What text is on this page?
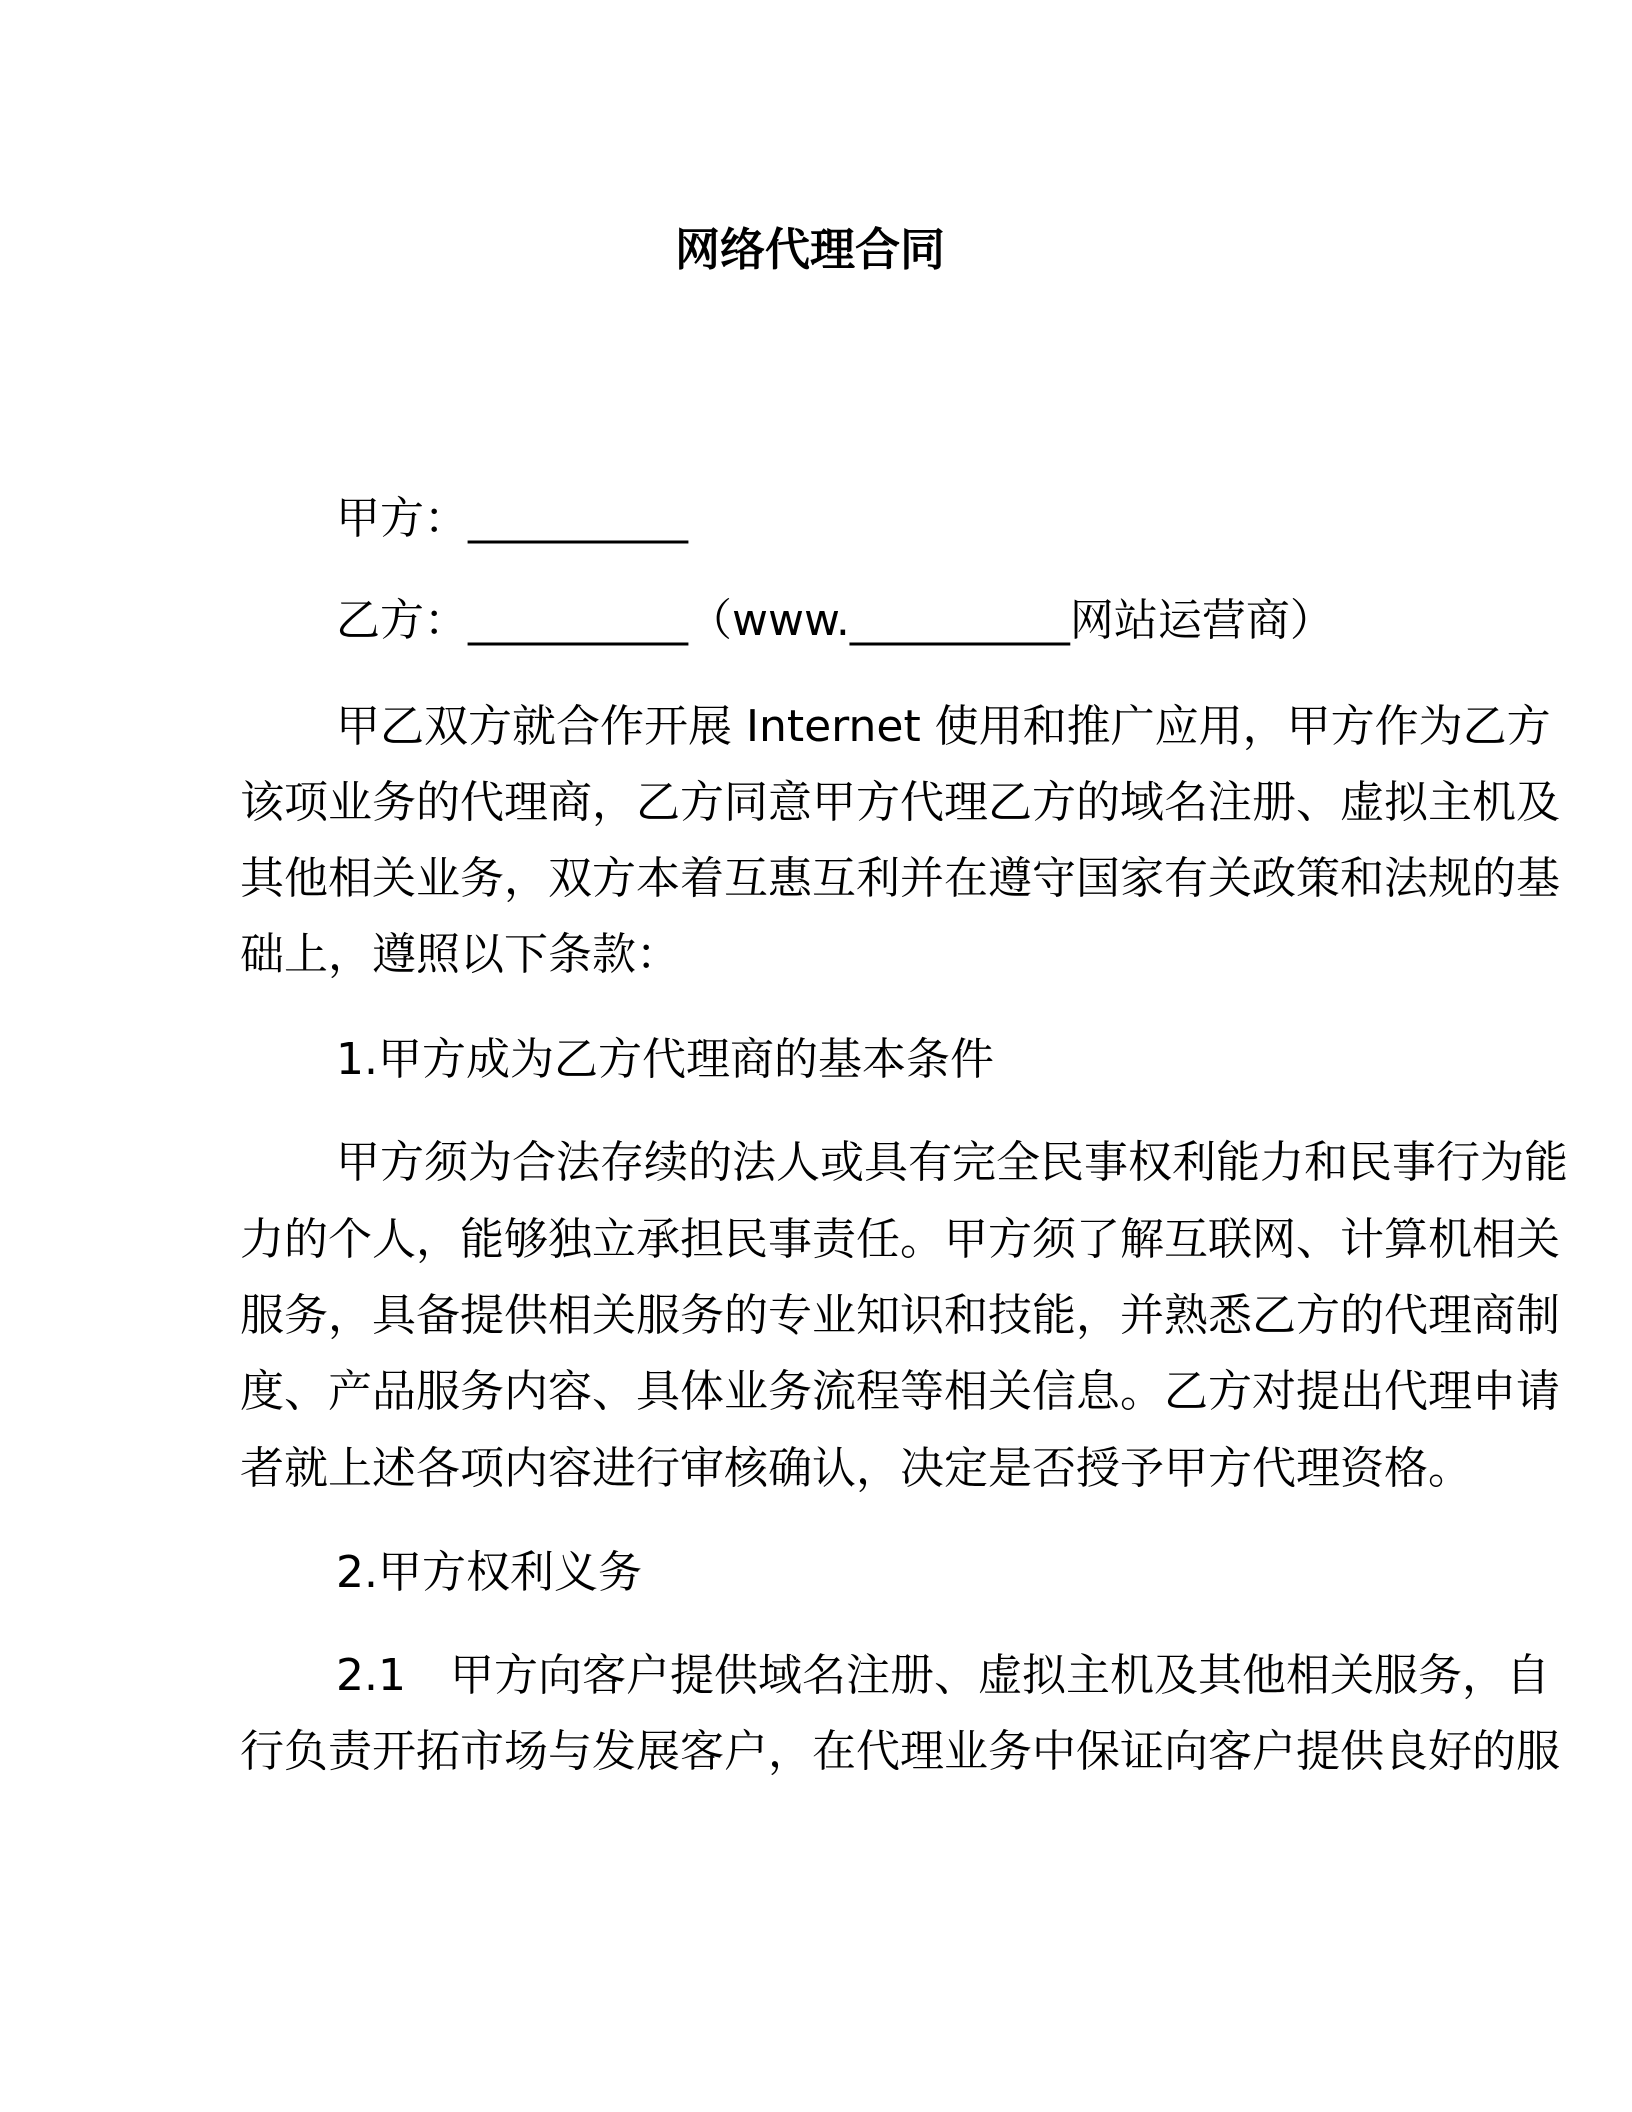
网络代理合同
甲方：__________
乙方：__________（www.__________网站运营商）
甲乙双方就合作开展 Internet 使用和推广应用，甲方作为乙方
该项业务的代理商，乙方同意甲方代理乙方的域名注册、虚拟主机及
其他相关业务，双方本着互惠互利并在遵守国家有关政策和法规的基
础上，遵照以下条款：
1.甲方成为乙方代理商的基本条件
甲方须为合法存续的法人或具有完全民事权利能力和民事行为能
力的个人，能够独立承担民事责任。甲方须了解互联网、计算机相关
服务，具备提供相关服务的专业知识和技能，并熟悉乙方的代理商制
度、产品服务内容、具体业务流程等相关信息。乙方对提出代理申请
者就上述各项内容进行审核确认，决定是否授予甲方代理资格。
2.甲方权利义务
2.1　甲方向客户提供域名注册、虚拟主机及其他相关服务，自
行负责开拓市场与发展客户，在代理业务中保证向客户提供良好的服
